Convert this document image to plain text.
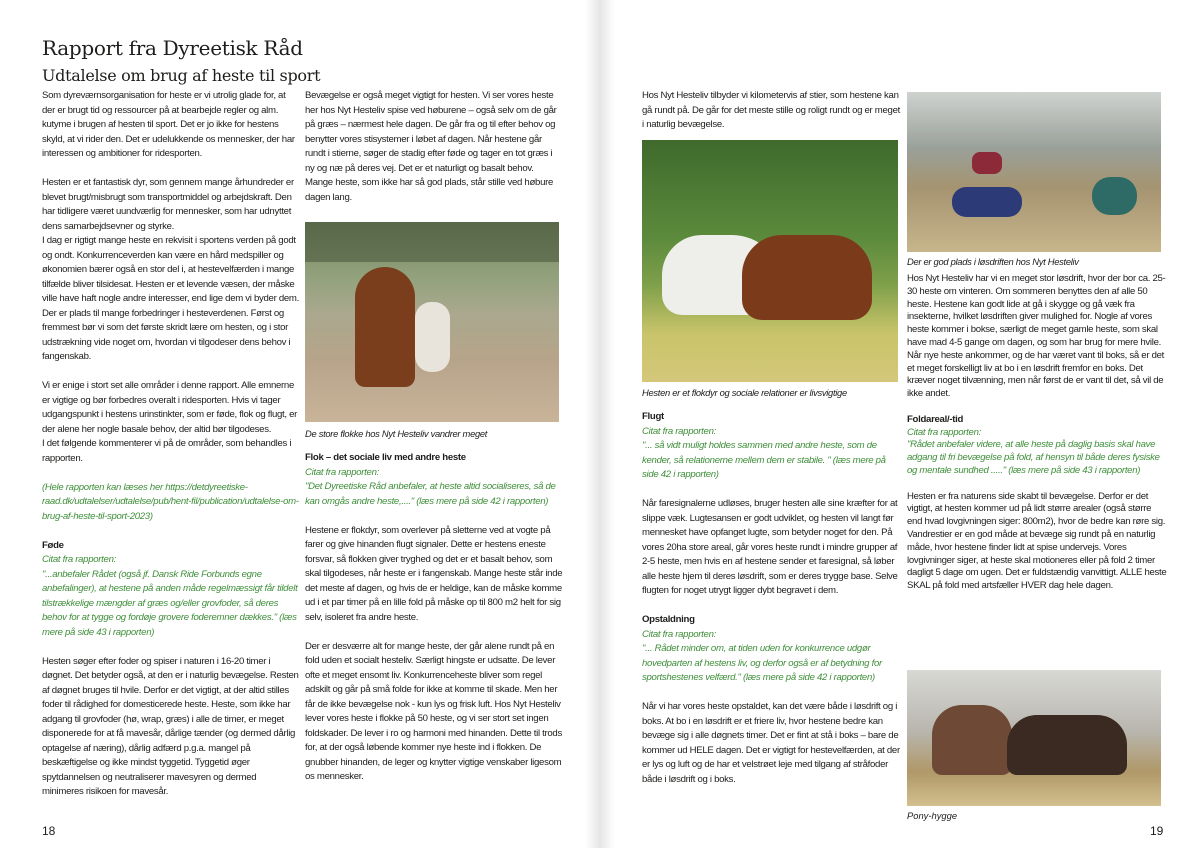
Rapport fra Dyreetisk Råd
Udtalelse om brug af heste til sport

Som dyreværnsorganisation for heste er vi utrolig glade for, at der er brugt tid og ressourcer på at bearbejde regler og alm. kutyme i brugen af hesten til sport. Det er jo ikke for hestens skyld, at vi rider den. Det er udelukkende os mennesker, der har interessen og ambitioner for ridesporten.

Hesten er et fantastisk dyr, som gennem mange århundreder er blevet brugt/misbrugt som transportmiddel og arbejdskraft. Den har tidligere været uundværlig for mennesker, som har udnyttet dens samarbejdsevner og styrke.

I dag er rigtigt mange heste en rekvisit i sportens verden på godt og ondt. Konkurrenceverden kan være en hård medspiller og økonomien bærer også en stor del i, at hestevelfærden i mange tilfælde bliver tilsidesat. Hesten er et levende væsen, der måske ville have haft nogle andre interesser, end lige dem vi byder dem. Der er plads til mange forbedringer i hesteverdenen. Først og fremmest bør vi som det første skridt lære om hesten, og i stor udstrækning vide noget om, hvordan vi tilgodeser dens behov i fangenskab.

Vi er enige i stort set alle områder i denne rapport. Alle emnerne er vigtige og bør forbedres overalt i ridesporten. Hvis vi tager udgangspunkt i hestens urinstinkter, som er føde, flok og flugt, er der alene her nogle basale behov, der altid bør tilgodeses.

I det følgende kommenterer vi på de områder, som behandles i rapporten.

(Hele rapporten kan læses her https://detdyreetiske-raad.dk/udtalelser/udtalelse/pub/hent-fil/publication/udtalelse-om-brug-af-heste-til-sport-2023)

Føde
Citat fra rapporten:
"...anbefaler Rådet (også jf. Dansk Ride Forbunds egne anbefalinger), at hestene på anden måde regelmæssigt får tildelt tilstrækkelige mængder af græs og/eller grovfoder, så deres behov for at tygge og fordøje grovere foderemner dækkes." (læs mere på side 43 i rapporten)

Hesten søger efter foder og spiser i naturen i 16-20 timer i døgnet. Det betyder også, at den er i naturlig bevægelse. Resten af døgnet bruges til hvile. Derfor er det vigtigt, at der altid stilles foder til rådighed for domesticerede heste. Heste, som ikke har adgang til grovfoder (hø, wrap, græs) i alle de timer, er meget disponerede for at få mavesår, dårlige tænder (og dermed dårlig optagelse af næring), dårlig adfærd p.g.a. mangel på beskæftigelse og ikke mindst tyggetid. Tyggetid øger spytdannelsen og neutraliserer mavesyren og dermed minimeres risikoen for mavesår.

Bevægelse er også meget vigtigt for hesten. Vi ser vores heste her hos Nyt Hesteliv spise ved høburene – også selv om de går på græs – nærmest hele dagen. De går fra og til efter behov og benytter vores stisystemer i løbet af dagen. Når hestene går rundt i stierne, søger de stadig efter føde og tager en tot græs i ny og næ på deres vej. Det er et naturligt og basalt behov. Mange heste, som ikke har så god plads, står stille ved høbure dagen lang.

De store flokke hos Nyt Hesteliv vandrer meget

Flok – det sociale liv med andre heste
Citat fra rapporten:
"Det Dyreetiske Råd anbefaler, at heste altid socialiseres, så de kan omgås andre heste,...." (læs mere på side 42 i rapporten)

Hestene er flokdyr, som overlever på sletterne ved at vogte på farer og give hinanden flugt signaler. Dette er hestens eneste forsvar, så flokken giver tryghed og det er et basalt behov, som skal tilgodeses, når heste er i fangenskab. Mange heste står inde det meste af dagen, og hvis de er heldige, kan de måske komme ud i et par timer på en lille fold på måske op til 800 m2 helt for sig selv, isoleret fra andre heste.

Der er desværre alt for mange heste, der går alene rundt på en fold uden et socialt hesteliv. Særligt hingste er udsatte. De lever ofte et meget ensomt liv. Konkurrenceheste bliver som regel adskilt og går på små folde for ikke at komme til skade. Men her får de ikke bevægelse nok - kun lys og frisk luft. Hos Nyt Hesteliv lever vores heste i flokke på 50 heste, og vi ser stort set ingen foldskader. De lever i ro og harmoni med hinanden. Dette til trods for, at der også løbende kommer nye heste ind i flokken. De gnubber hinanden, de leger og knytter vigtige venskaber ligesom os mennesker.

18

Hos Nyt Hesteliv tilbyder vi kilometervis af stier, som hestene kan gå rundt på. De går for det meste stille og roligt rundt og er meget i naturlig bevægelse.

Hesten er et flokdyr og sociale relationer er livsvigtige

Flugt
Citat fra rapporten:
"... så vidt muligt holdes sammen med andre heste, som de kender, så relationerne mellem dem er stabile. " (læs mere på side 42 i rapporten)

Når faresignalerne udløses, bruger hesten alle sine kræfter for at slippe væk. Lugtesansen er godt udviklet, og hesten vil langt før mennesket have opfanget lugte, som betyder noget for den. På vores 20ha store areal, går vores heste rundt i mindre grupper af 2-5 heste, men hvis en af hestene sender et faresignal, så løber alle heste hjem til deres løsdrift, som er deres trygge base. Selve flugten for noget utrygt ligger dybt begravet i dem.

Opstaldning
Citat fra rapporten:
"... Rådet minder om, at tiden uden for konkurrence udgør hovedparten af hestens liv, og derfor også er af betydning for sportshestenes velfærd." (læs mere på side 42 i rapporten)

Når vi har vores heste opstaldet, kan det være både i løsdrift og i boks. At bo i en løsdrift er et friere liv, hvor hestene bedre kan bevæge sig i alle døgnets timer. Det er fint at stå i boks – bare de kommer ud HELE dagen. Det er vigtigt for hestevelfærden, at der er lys og luft og de har et velstrøet leje med tilgang af stråfoder både i løsdrift og i boks.

Der er god plads i løsdriften hos Nyt Hesteliv

Hos Nyt Hesteliv har vi en meget stor løsdrift, hvor der bor ca. 25-30 heste om vinteren. Om sommeren benyttes den af alle 50 heste. Hestene kan godt lide at gå i skygge og gå væk fra insekterne, hvilket løsdriften giver mulighed for. Nogle af vores heste kommer i bokse, særligt de meget gamle heste, som skal have mad 4-5 gange om dagen, og som har brug for mere hvile. Når nye heste ankommer, og de har været vant til boks, så er det et meget forskelligt liv at bo i en løsdrift fremfor en boks. Det kræver noget tilvænning, men når først de er vant til det, så vil de ikke andet.

Foldareal/-tid
Citat fra rapporten:
"Rådet anbefaler videre, at alle heste på daglig basis skal have adgang til fri bevægelse på fold, af hensyn til både deres fysiske og mentale sundhed ....." (læs mere på side 43 i rapporten)

Hesten er fra naturens side skabt til bevægelse. Derfor er det vigtigt, at hesten kommer ud på lidt større arealer (også større end hvad lovgivningen siger: 800m2), hvor de bedre kan røre sig. Vandrestier er en god måde at bevæge sig rundt på en naturlig måde, hvor hestene finder lidt at spise undervejs. Vores lovgivninger siger, at heste skal motioneres eller på fold 2 timer dagligt 5 dage om ugen. Det er fuldstændig vanvittigt. ALLE heste SKAL på fold med artsfæller HVER dag hele dagen.

Pony-hygge
19
